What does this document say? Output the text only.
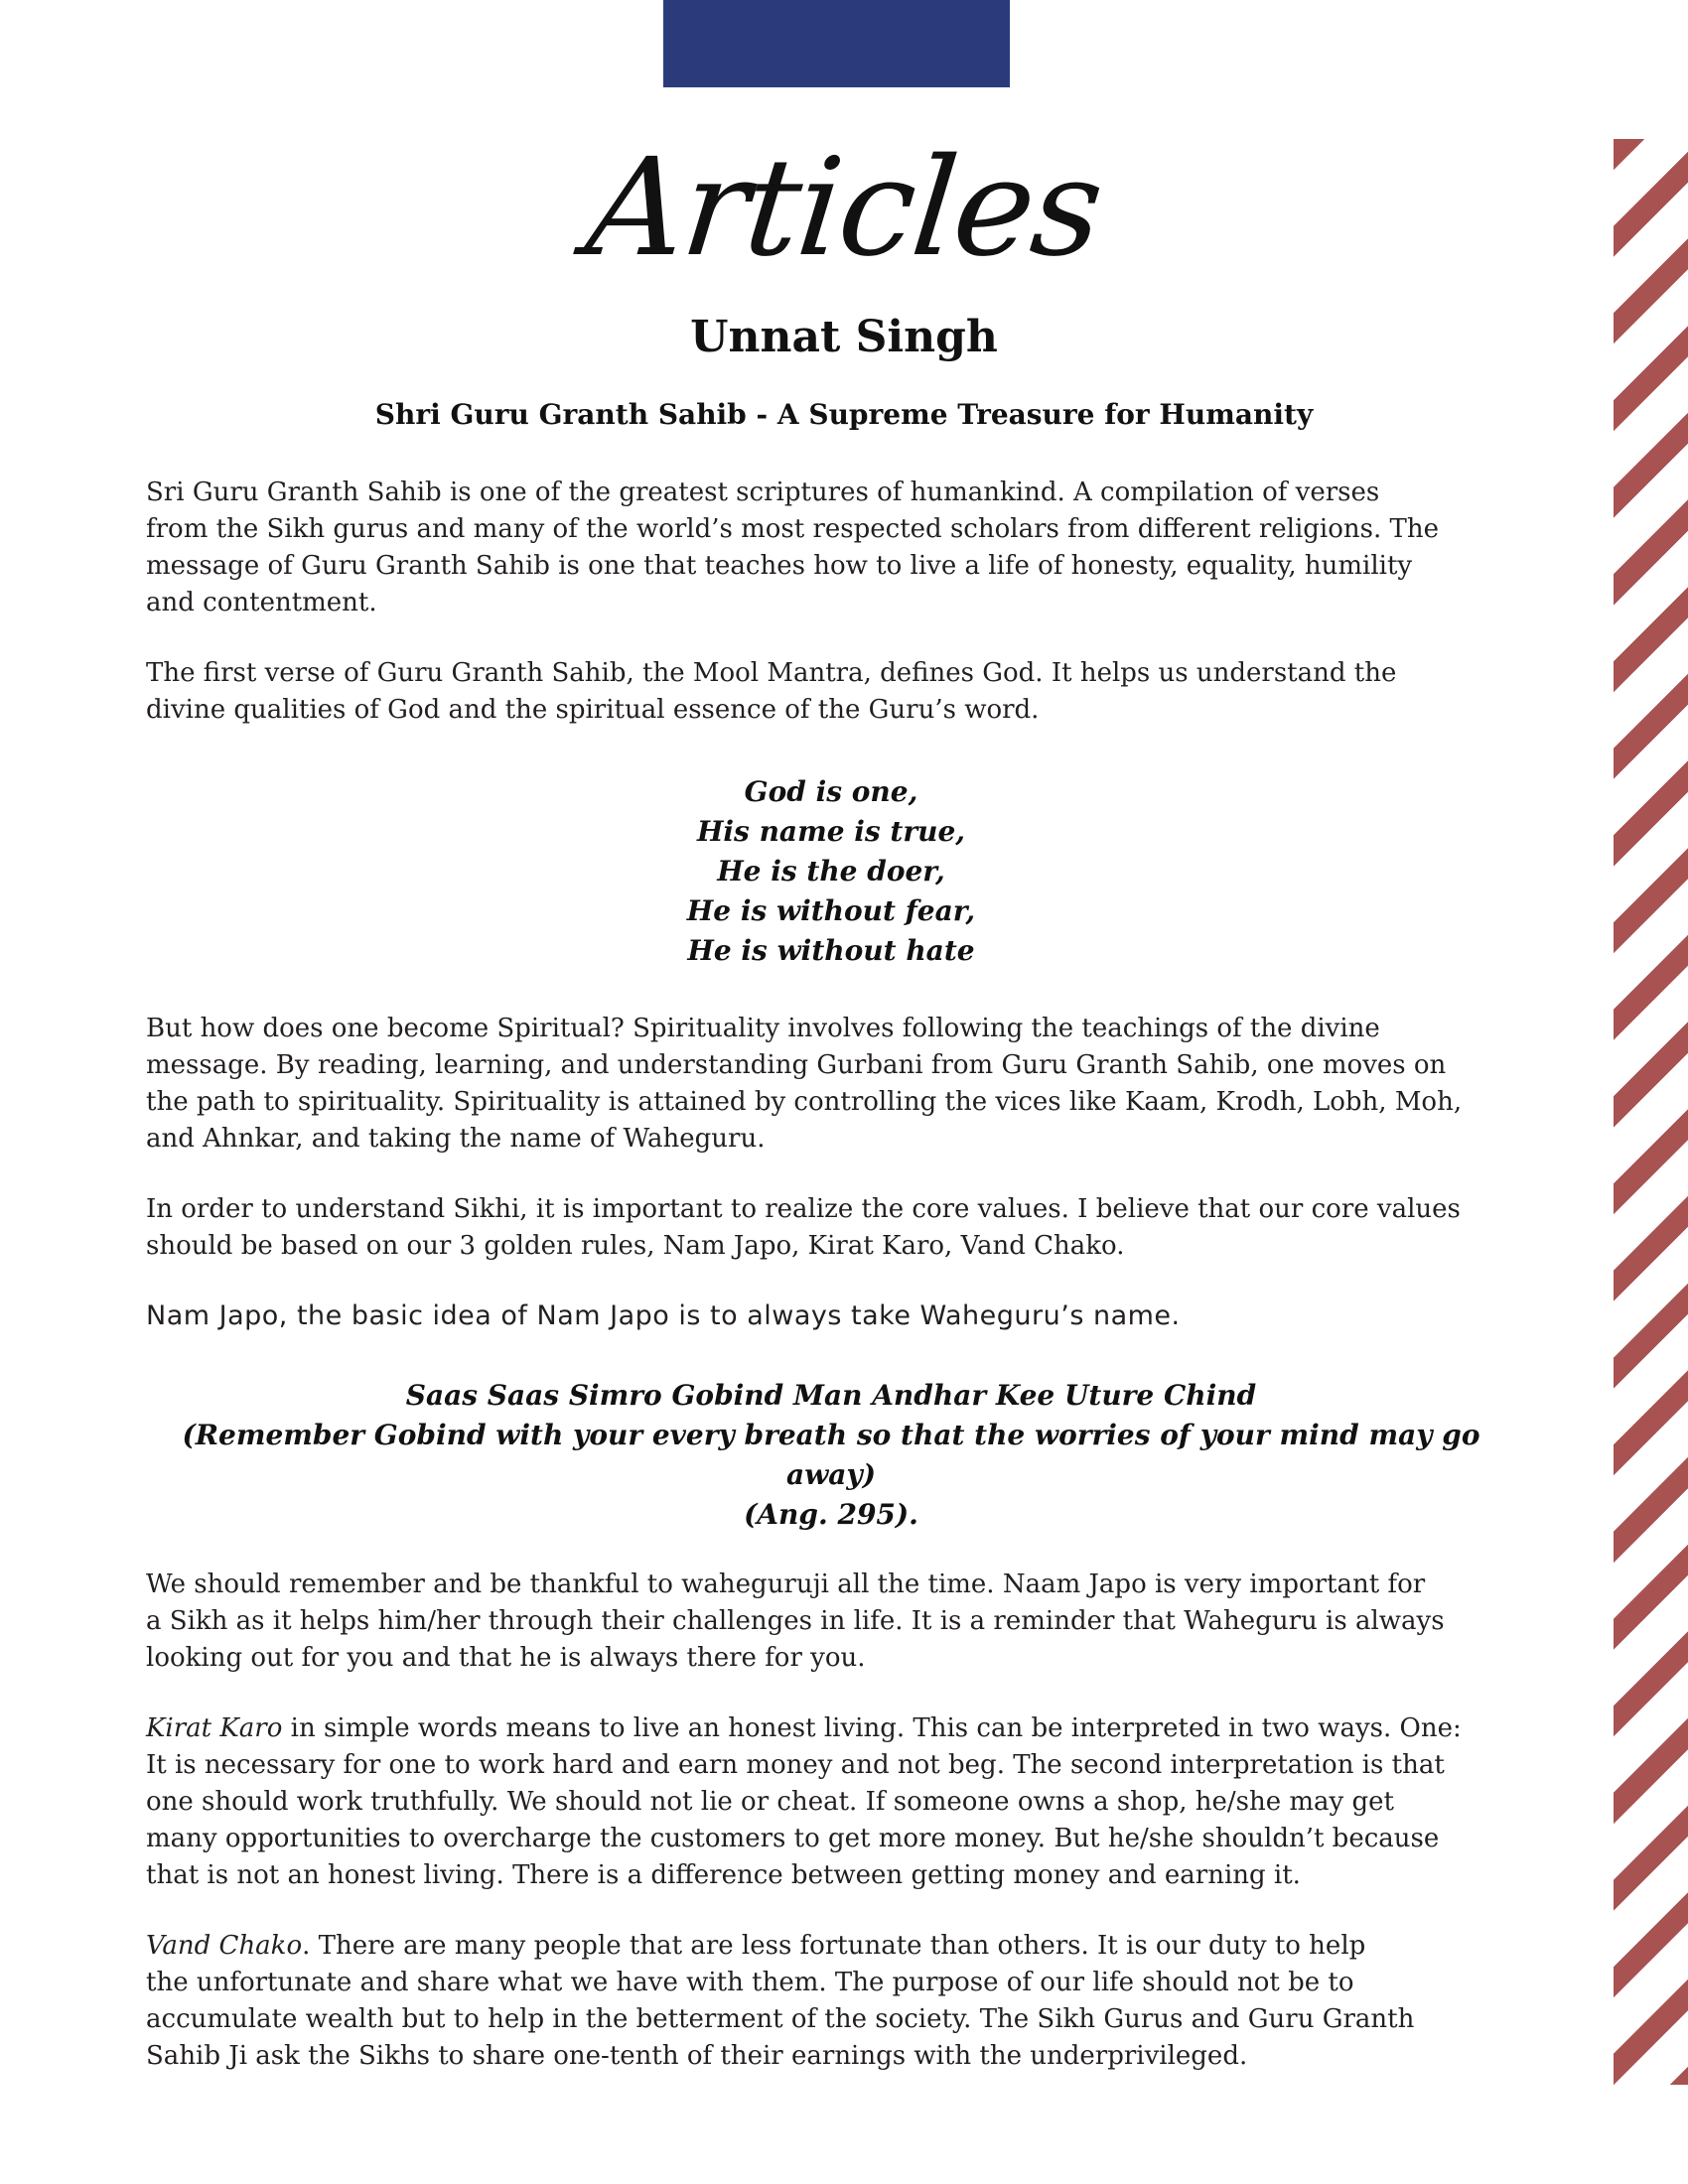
Articles
Unnat Singh
Shri Guru Granth Sahib - A Supreme Treasure for Humanity

Sri Guru Granth Sahib is one of the greatest scriptures of humankind. A compilation of verses
from the Sikh gurus and many of the world’s most respected scholars from different religions. The
message of Guru Granth Sahib is one that teaches how to live a life of honesty, equality, humility
and contentment.

The first verse of Guru Granth Sahib, the Mool Mantra, defines God. It helps us understand the
divine qualities of God and the spiritual essence of the Guru’s word.

God is one,
His name is true,
He is the doer,
He is without fear,
He is without hate

But how does one become Spiritual? Spirituality involves following the teachings of the divine
message. By reading, learning, and understanding Gurbani from Guru Granth Sahib, one moves on
the path to spirituality. Spirituality is attained by controlling the vices like Kaam, Krodh, Lobh, Moh,
and Ahnkar, and taking the name of Waheguru.

In order to understand Sikhi, it is important to realize the core values. I believe that our core values
should be based on our 3 golden rules, Nam Japo, Kirat Karo, Vand Chako.

Nam Japo, the basic idea of Nam Japo is to always take Waheguru’s name.

Saas Saas Simro Gobind Man Andhar Kee Uture Chind
(Remember Gobind with your every breath so that the worries of your mind may go away)
(Ang. 295).

We should remember and be thankful to waheguruji all the time. Naam Japo is very important for
a Sikh as it helps him/her through their challenges in life. It is a reminder that Waheguru is always
looking out for you and that he is always there for you.

Kirat Karo in simple words means to live an honest living. This can be interpreted in two ways. One:
It is necessary for one to work hard and earn money and not beg. The second interpretation is that
one should work truthfully. We should not lie or cheat. If someone owns a shop, he/she may get
many opportunities to overcharge the customers to get more money. But he/she shouldn’t because
that is not an honest living. There is a difference between getting money and earning it.

Vand Chako. There are many people that are less fortunate than others. It is our duty to help
the unfortunate and share what we have with them. The purpose of our life should not be to
accumulate wealth but to help in the betterment of the society. The Sikh Gurus and Guru Granth
Sahib Ji ask the Sikhs to share one-tenth of their earnings with the underprivileged.
